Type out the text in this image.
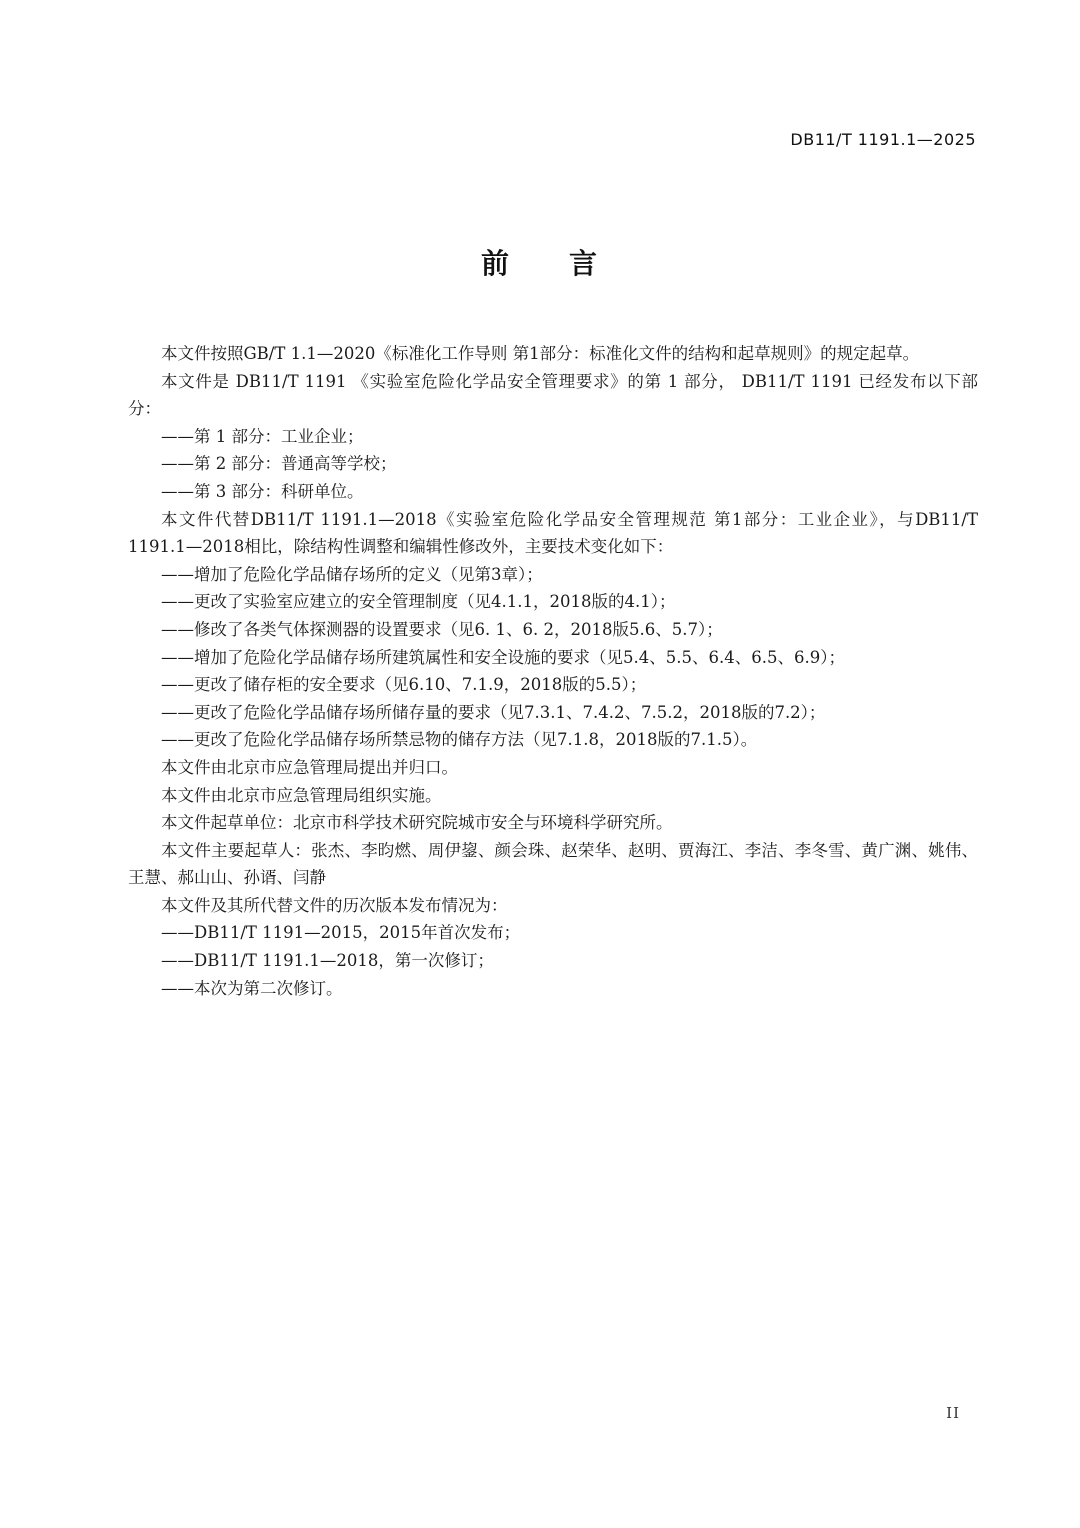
DB11/T 1191.1—2025
前 言

本文件按照GB/T 1.1—2020《标准化工作导则 第1部分：标准化文件的结构和起草规则》的规定起草。

本文件是 DB11/T 1191 《实验室危险化学品安全管理要求》的第 1 部分， DB11/T 1191 已经发布以下部分：

——第 1 部分：工业企业；

——第 2 部分：普通高等学校；

——第 3 部分：科研单位。

本文件代替DB11/T 1191.1—2018《实验室危险化学品安全管理规范 第1部分：工业企业》，与DB11/T 1191.1—2018相比，除结构性调整和编辑性修改外，主要技术变化如下：

——增加了危险化学品储存场所的定义（见第3章）；

——更改了实验室应建立的安全管理制度（见4.1.1，2018版的4.1）；

——修改了各类气体探测器的设置要求（见6. 1、6. 2，2018版5.6、5.7）；

——增加了危险化学品储存场所建筑属性和安全设施的要求（见5.4、5.5、6.4、6.5、6.9）；

——更改了储存柜的安全要求（见6.10、7.1.9，2018版的5.5）；

——更改了危险化学品储存场所储存量的要求（见7.3.1、7.4.2、7.5.2，2018版的7.2）；

——更改了危险化学品储存场所禁忌物的储存方法（见7.1.8，2018版的7.1.5）。

本文件由北京市应急管理局提出并归口。

本文件由北京市应急管理局组织实施。

本文件起草单位：北京市科学技术研究院城市安全与环境科学研究所。

本文件主要起草人：张杰、李昀燃、周伊鋆、颜会珠、赵荣华、赵明、贾海江、李洁、李冬雪、黄广渊、姚伟、王慧、郝山山、孙谞、闫静

本文件及其所代替文件的历次版本发布情况为：

——DB11/T 1191—2015，2015年首次发布；

——DB11/T 1191.1—2018，第一次修订；

——本次为第二次修订。

II
